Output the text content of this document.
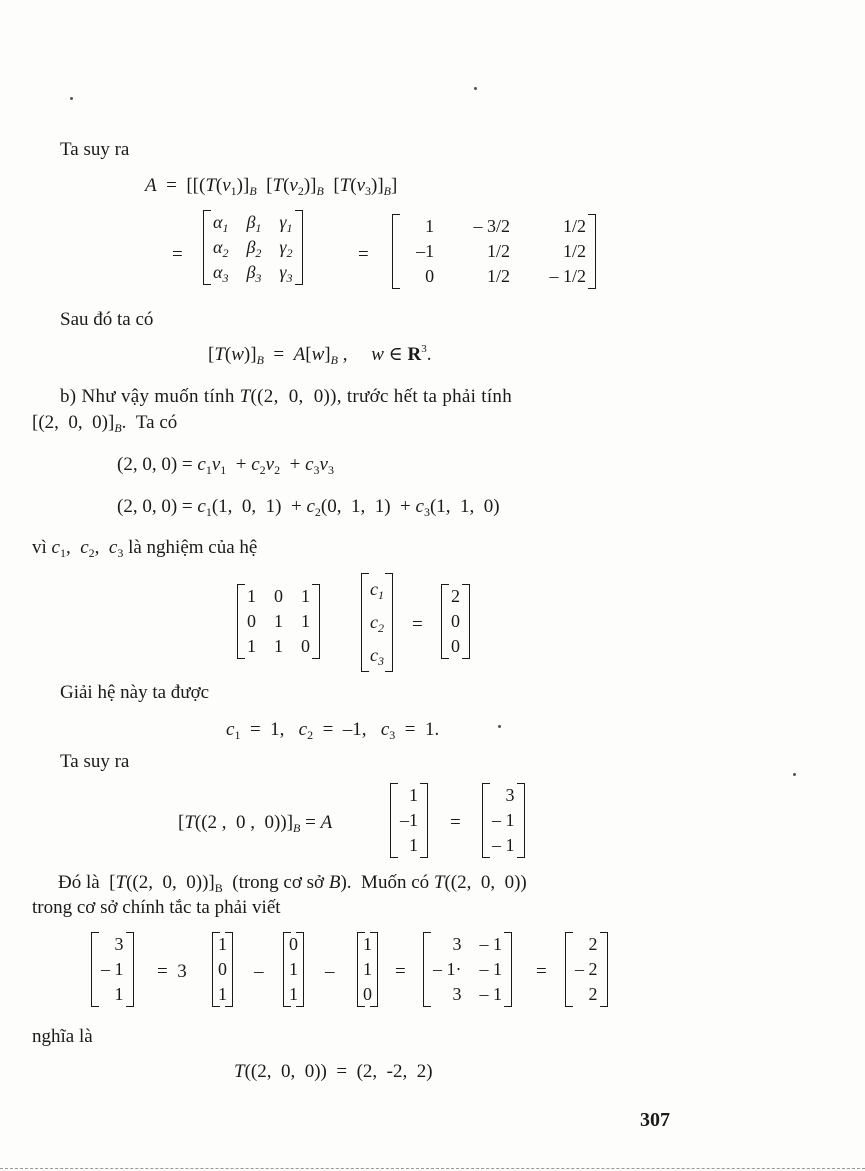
Ta suy ra
$A = [[(T(v_1)]_B$  $[T(v_2)]_B$  $[T(v_3)]_B$]
=
$\alpha_1$	$\beta_1$	$\gamma_1$
$\alpha_2$	$\beta_2$	$\gamma_2$
$\alpha_3$	$\beta_3$	$\gamma_3$
=
1	– 3/2	1/2
–1	1/2	1/2
0	1/2	– 1/2
Sau đó ta có
$[T(w)]_B = A[w]_B$ ,     w ∈ $R^3$.
b) Như vậy muốn tính T((2,  0,  0)), trước hết ta phải tính
[(2,  0,  $0)]_B$.  Ta có
(2, 0, $0) = c_1v_1 + c_2v_2 + c_3v_3$
(2, 0, $0) = c_1(1$,  0,  $1) + c_2(0$,  1,  $1) + c_3(1$,  1,  0)
vì $c_1$,  $c_2$,  $c_3$ là nghiệm của hệ
1	0	1
0	1	1
1	1	0
$c_1$
$c_2$
$c_3$
=
2
0
0
Giải hệ này ta được
$c_1 = 1$,   $c_2 = -1$,   $c_3 = 1$.
Ta suy ra
[T((2 ,  0 ,  $0))]_B = A$
1
–1
1
=
3
– 1
– 1
Đó là  [T((2,  0,  $0))]_B$  (trong cơ sở B).  Muốn có T((2,  0,  0))
trong cơ sở chính tắc ta phải viết
3
– 1
1
=  3
1
0
1
–
0
1
1
–
1
1
0
=
3	– 1
– 1·	– 1
3	– 1
=
2
– 2
2
nghĩa là
T((2,  0,  0))  =  (2,  -2,  2)
307
